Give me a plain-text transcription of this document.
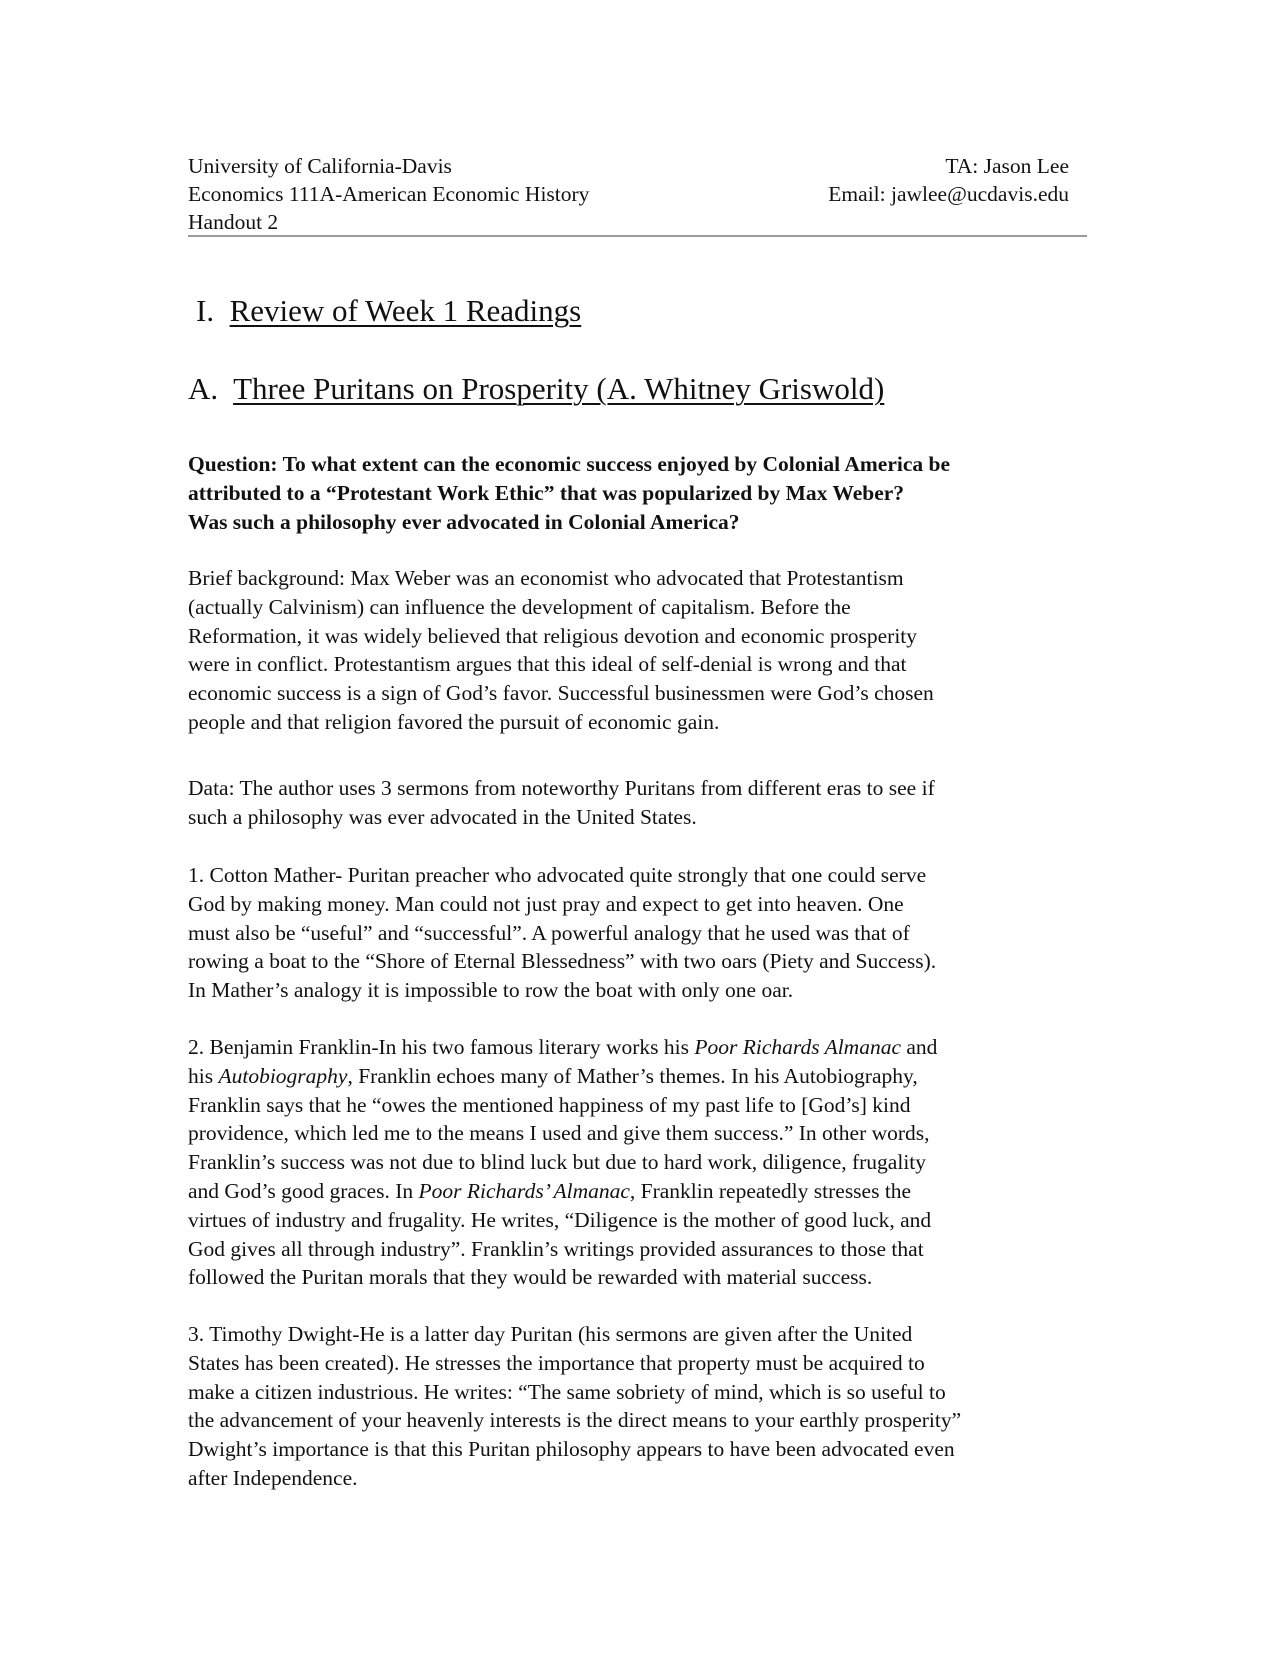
University of California-Davis
Economics 111A-American Economic History
Handout 2
TA: Jason Lee
Email: jawlee@ucdavis.edu
I. Review of Week 1 Readings
A. Three Puritans on Prosperity (A. Whitney Griswold)
Question: To what extent can the economic success enjoyed by Colonial America be
attributed to a “Protestant Work Ethic” that was popularized by Max Weber?
Was such a philosophy ever advocated in Colonial America?
Brief background: Max Weber was an economist who advocated that Protestantism
(actually Calvinism) can influence the development of capitalism. Before the
Reformation, it was widely believed that religious devotion and economic prosperity
were in conflict. Protestantism argues that this ideal of self-denial is wrong and that
economic success is a sign of God’s favor. Successful businessmen were God’s chosen
people and that religion favored the pursuit of economic gain.
Data: The author uses 3 sermons from noteworthy Puritans from different eras to see if
such a philosophy was ever advocated in the United States.
1. Cotton Mather- Puritan preacher who advocated quite strongly that one could serve
God by making money. Man could not just pray and expect to get into heaven. One
must also be “useful” and “successful”. A powerful analogy that he used was that of
rowing a boat to the “Shore of Eternal Blessedness” with two oars (Piety and Success).
In Mather’s analogy it is impossible to row the boat with only one oar.
2. Benjamin Franklin-In his two famous literary works his Poor Richards Almanac and
his Autobiography, Franklin echoes many of Mather’s themes. In his Autobiography,
Franklin says that he “owes the mentioned happiness of my past life to [God’s] kind
providence, which led me to the means I used and give them success.” In other words,
Franklin’s success was not due to blind luck but due to hard work, diligence, frugality
and God’s good graces. In Poor Richards’ Almanac, Franklin repeatedly stresses the
virtues of industry and frugality. He writes, “Diligence is the mother of good luck, and
God gives all through industry”. Franklin’s writings provided assurances to those that
followed the Puritan morals that they would be rewarded with material success.
3. Timothy Dwight-He is a latter day Puritan (his sermons are given after the United
States has been created). He stresses the importance that property must be acquired to
make a citizen industrious. He writes: “The same sobriety of mind, which is so useful to
the advancement of your heavenly interests is the direct means to your earthly prosperity”
Dwight’s importance is that this Puritan philosophy appears to have been advocated even
after Independence.
